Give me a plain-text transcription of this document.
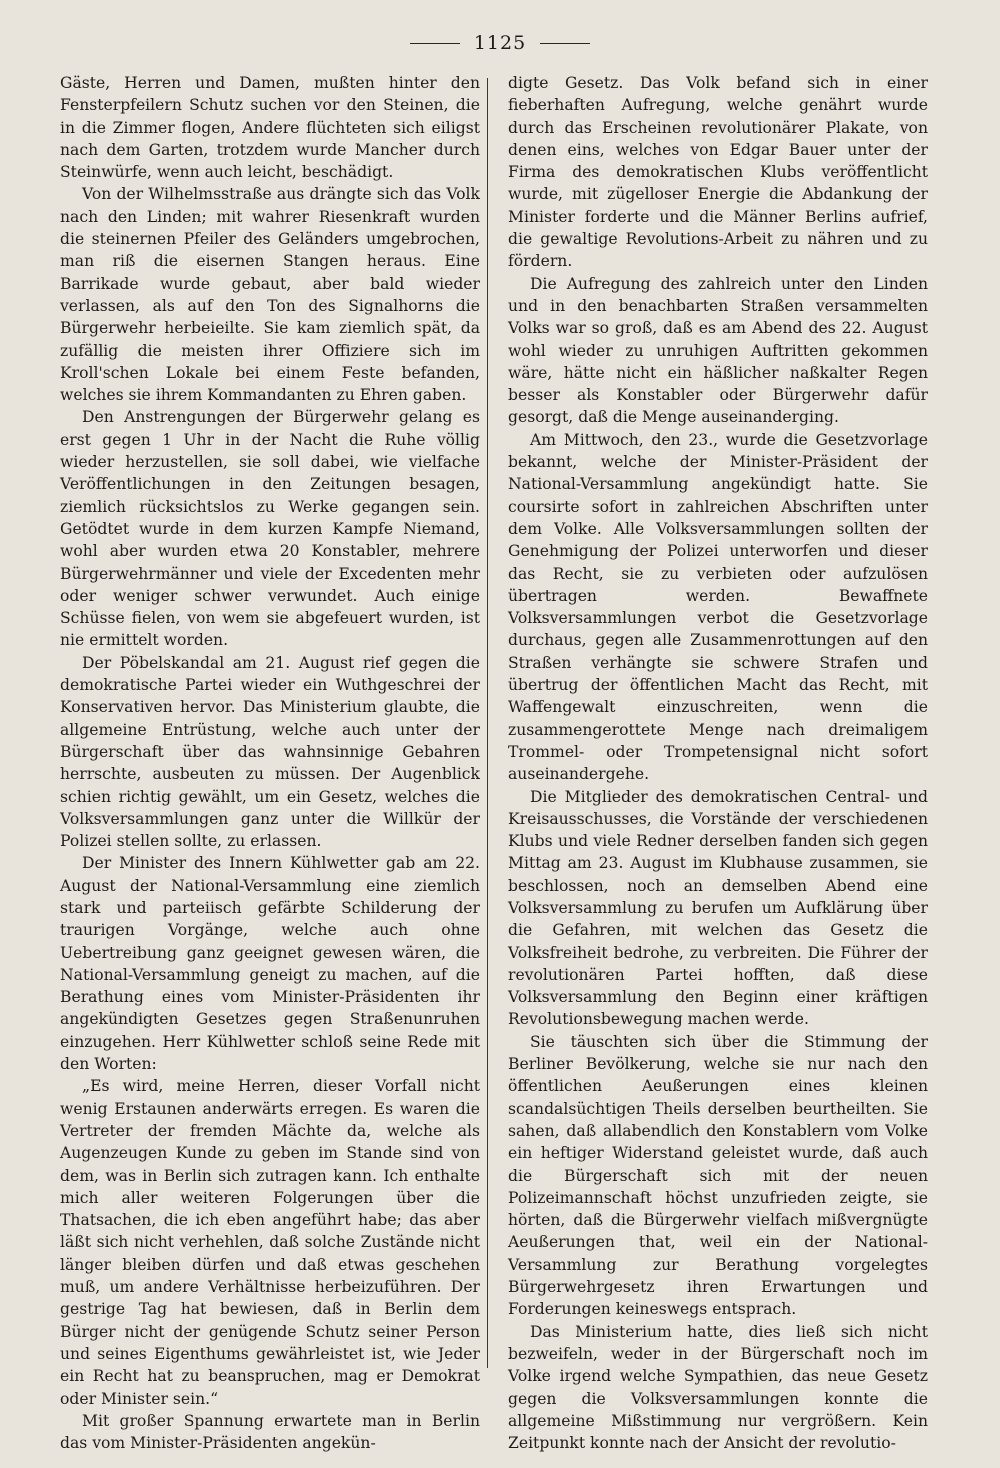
1125

Gäste, Herren und Damen, mußten hinter den Fensterpfeilern Schutz suchen vor den Steinen, die in die Zimmer flogen, Andere flüchteten sich eiligst nach dem Garten, trotzdem wurde Mancher durch Steinwürfe, wenn auch leicht, beschädigt.

Von der Wilhelmsstraße aus drängte sich das Volk nach den Linden; mit wahrer Riesenkraft wurden die steinernen Pfeiler des Geländers umgebrochen, man riß die eisernen Stangen heraus. Eine Barrikade wurde gebaut, aber bald wieder verlassen, als auf den Ton des Signalhorns die Bürgerwehr herbeieilte. Sie kam ziemlich spät, da zufällig die meisten ihrer Offiziere sich im Kroll'schen Lokale bei einem Feste befanden, welches sie ihrem Kommandanten zu Ehren gaben.

Den Anstrengungen der Bürgerwehr gelang es erst gegen 1 Uhr in der Nacht die Ruhe völlig wieder herzustellen, sie soll dabei, wie vielfache Veröffentlichungen in den Zeitungen besagen, ziemlich rücksichtslos zu Werke gegangen sein. Getödtet wurde in dem kurzen Kampfe Niemand, wohl aber wurden etwa 20 Konstabler, mehrere Bürgerwehrmänner und viele der Excedenten mehr oder weniger schwer verwundet. Auch einige Schüsse fielen, von wem sie abgefeuert wurden, ist nie ermittelt worden.

Der Pöbelskandal am 21. August rief gegen die demokratische Partei wieder ein Wuthgeschrei der Konservativen hervor. Das Ministerium glaubte, die allgemeine Entrüstung, welche auch unter der Bürgerschaft über das wahnsinnige Gebahren herrschte, ausbeuten zu müssen. Der Augenblick schien richtig gewählt, um ein Gesetz, welches die Volksversammlungen ganz unter die Willkür der Polizei stellen sollte, zu erlassen.

Der Minister des Innern Kühlwetter gab am 22. August der National-Versammlung eine ziemlich stark und parteiisch gefärbte Schilderung der traurigen Vorgänge, welche auch ohne Uebertreibung ganz geeignet gewesen wären, die National-Versammlung geneigt zu machen, auf die Berathung eines vom Minister-Präsidenten ihr angekündigten Gesetzes gegen Straßenunruhen einzugehen. Herr Kühlwetter schloß seine Rede mit den Worten:

„Es wird, meine Herren, dieser Vorfall nicht wenig Erstaunen anderwärts erregen. Es waren die Vertreter der fremden Mächte da, welche als Augenzeugen Kunde zu geben im Stande sind von dem, was in Berlin sich zutragen kann. Ich enthalte mich aller weiteren Folgerungen über die Thatsachen, die ich eben angeführt habe; das aber läßt sich nicht verhehlen, daß solche Zustände nicht länger bleiben dürfen und daß etwas geschehen muß, um andere Verhältnisse herbeizuführen. Der gestrige Tag hat bewiesen, daß in Berlin dem Bürger nicht der genügende Schutz seiner Person und seines Eigenthums gewährleistet ist, wie Jeder ein Recht hat zu beanspruchen, mag er Demokrat oder Minister sein.“

Mit großer Spannung erwartete man in Berlin das vom Minister-Präsidenten angekün-

digte Gesetz. Das Volk befand sich in einer fieberhaften Aufregung, welche genährt wurde durch das Erscheinen revolutionärer Plakate, von denen eins, welches von Edgar Bauer unter der Firma des demokratischen Klubs veröffentlicht wurde, mit zügelloser Energie die Abdankung der Minister forderte und die Männer Berlins aufrief, die gewaltige Revolutions-Arbeit zu nähren und zu fördern.

Die Aufregung des zahlreich unter den Linden und in den benachbarten Straßen versammelten Volks war so groß, daß es am Abend des 22. August wohl wieder zu unruhigen Auftritten gekommen wäre, hätte nicht ein häßlicher naßkalter Regen besser als Konstabler oder Bürgerwehr dafür gesorgt, daß die Menge auseinanderging.

Am Mittwoch, den 23., wurde die Gesetzvorlage bekannt, welche der Minister-Präsident der National-Versammlung angekündigt hatte. Sie coursirte sofort in zahlreichen Abschriften unter dem Volke. Alle Volksversammlungen sollten der Genehmigung der Polizei unterworfen und dieser das Recht, sie zu verbieten oder aufzulösen übertragen werden. Bewaffnete Volksversammlungen verbot die Gesetzvorlage durchaus, gegen alle Zusammenrottungen auf den Straßen verhängte sie schwere Strafen und übertrug der öffentlichen Macht das Recht, mit Waffengewalt einzuschreiten, wenn die zusammengerottete Menge nach dreimaligem Trommel- oder Trompetensignal nicht sofort auseinandergehe.

Die Mitglieder des demokratischen Central- und Kreisausschusses, die Vorstände der verschiedenen Klubs und viele Redner derselben fanden sich gegen Mittag am 23. August im Klubhause zusammen, sie beschlossen, noch an demselben Abend eine Volksversammlung zu berufen um Aufklärung über die Gefahren, mit welchen das Gesetz die Volksfreiheit bedrohe, zu verbreiten. Die Führer der revolutionären Partei hofften, daß diese Volksversammlung den Beginn einer kräftigen Revolutionsbewegung machen werde.

Sie täuschten sich über die Stimmung der Berliner Bevölkerung, welche sie nur nach den öffentlichen Aeußerungen eines kleinen scandalsüchtigen Theils derselben beurtheilten. Sie sahen, daß allabendlich den Konstablern vom Volke ein heftiger Widerstand geleistet wurde, daß auch die Bürgerschaft sich mit der neuen Polizeimannschaft höchst unzufrieden zeigte, sie hörten, daß die Bürgerwehr vielfach mißvergnügte Aeußerungen that, weil ein der National-Versammlung zur Berathung vorgelegtes Bürgerwehrgesetz ihren Erwartungen und Forderungen keineswegs entsprach.

Das Ministerium hatte, dies ließ sich nicht bezweifeln, weder in der Bürgerschaft noch im Volke irgend welche Sympathien, das neue Gesetz gegen die Volksversammlungen konnte die allgemeine Mißstimmung nur vergrößern. Kein Zeitpunkt konnte nach der Ansicht der revolutio-
